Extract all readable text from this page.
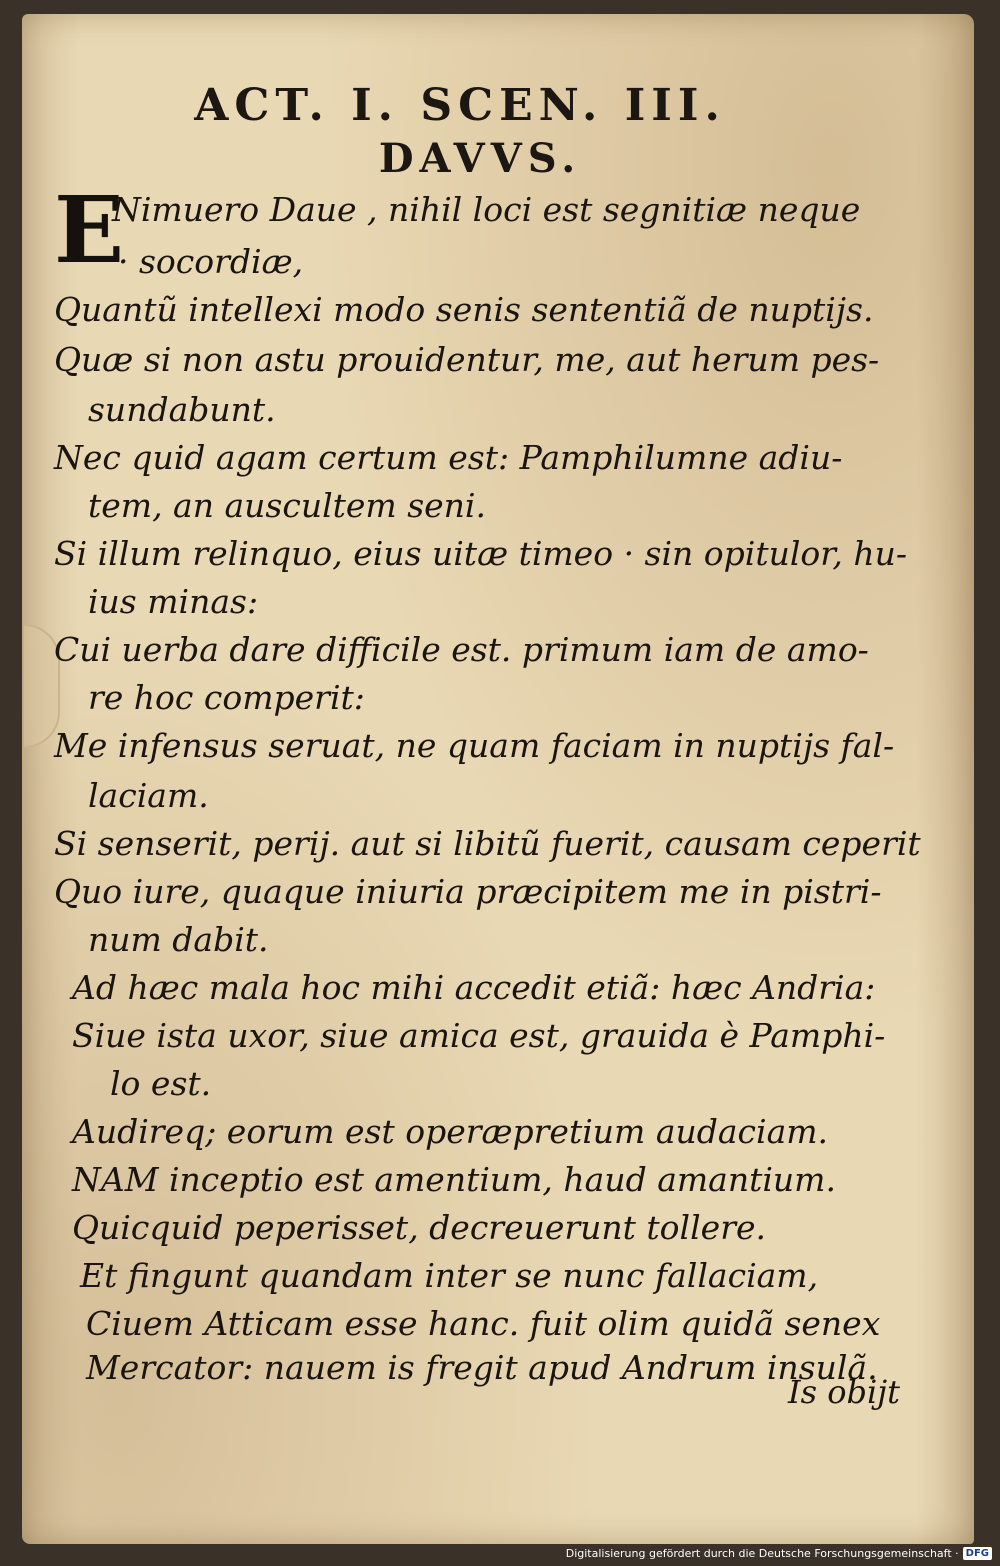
ACT. I. SCEN. III.
DAVVS.
E
Nimuero Daue , nihil loci est segnitiæ neque
· socordiæ,
Quantũ intellexi modo senis sententiã de nuptijs.
Quæ si non astu prouidentur, me, aut herum pes-
sundabunt.
Nec quid agam certum est: Pamphilumne adiu-
tem, an auscultem seni.
Si illum relinquo, eius uitæ timeo · sin opitulor, hu-
ius minas:
Cui uerba dare difficile est. primum iam de amo-
re hoc comperit:
Me infensus seruat, ne quam faciam in nuptijs fal-
laciam.
Si senserit, perij. aut si libitũ fuerit, causam ceperit
Quo iure, quaque iniuria præcipitem me in pistri-
num dabit.
Ad hæc mala hoc mihi accedit etiã: hæc Andria:
Siue ista uxor, siue amica est, grauida è Pamphi-
lo est.
Audireq; eorum est operæpretium audaciam.
NAM inceptio est amentium, haud amantium.
Quicquid peperisset, decreuerunt tollere.
Et fingunt quandam inter se nunc fallaciam,
Ciuem Atticam esse hanc. fuit olim quidã senex
Mercator: nauem is fregit apud Andrum insulã.
Is obijt
Digitalisierung gefördert durch die Deutsche Forschungsgemeinschaft · DFG
